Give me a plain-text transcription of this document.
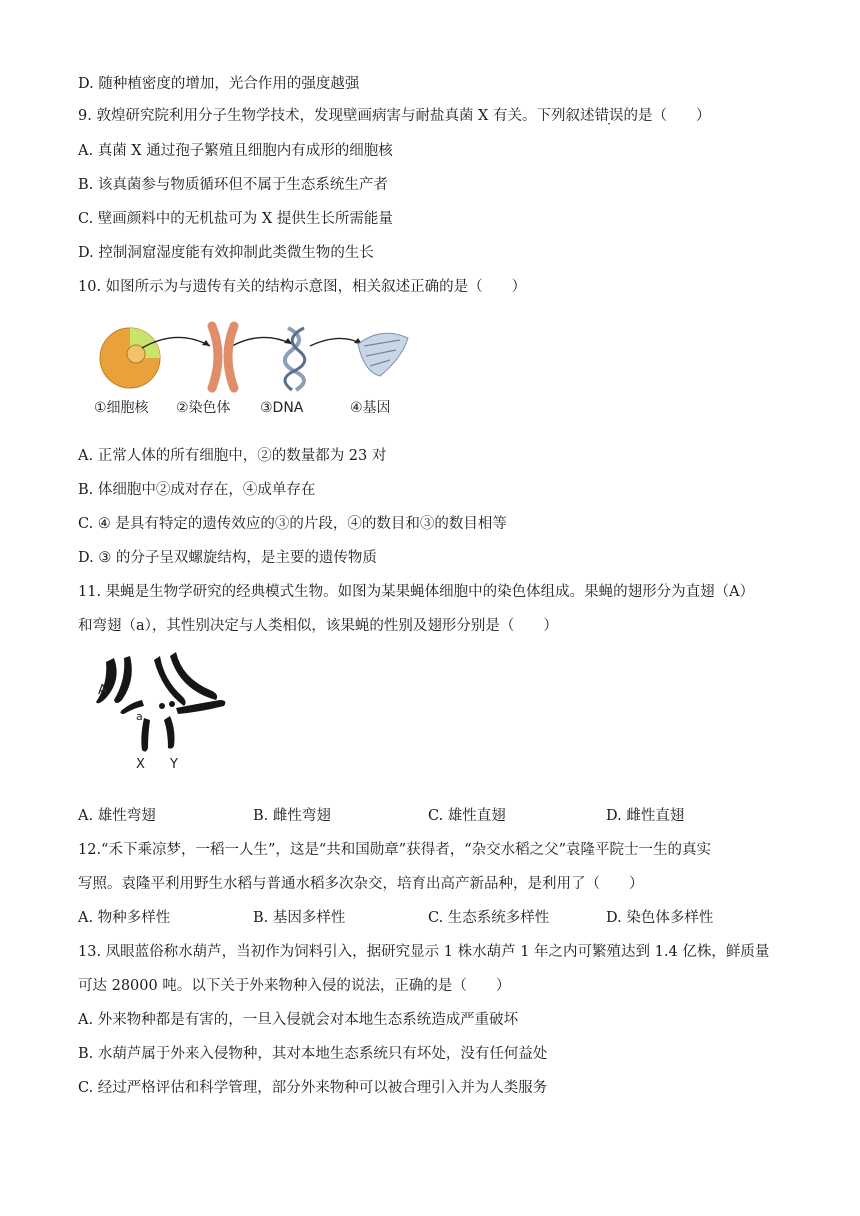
D. 随种植密度的增加，光合作用的强度越强
9. 敦煌研究院利用分子生物学技术，发现壁画病害与耐盐真菌 X 有关。下列叙述错误的是（　　）
A. 真菌 X 通过孢子繁殖且细胞内有成形的细胞核
B. 该真菌参与物质循环但不属于生态系统生产者
C. 壁画颜料中的无机盐可为 X 提供生长所需能量
D. 控制洞窟湿度能有效抑制此类微生物的生长
10. 如图所示为与遗传有关的结构示意图，相关叙述正确的是（　　）
①细胞核 ②染色体 ③DNA	④基因
A. 正常人体的所有细胞中，②的数量都为 23 对
B. 体细胞中②成对存在，④成单存在
C. ④ 是具有特定的遗传效应的③的片段，④的数目和③的数目相等
D. ③ 的分子呈双螺旋结构，是主要的遗传物质
11. 果蝇是生物学研究的经典模式生物。如图为某果蝇体细胞中的染色体组成。果蝇的翅形分为直翅（A）
和弯翅（a），其性别决定与人类相似，该果蝇的性别及翅形分别是（　　）
A
a
X Y
A. 雄性弯翅	B. 雌性弯翅	C. 雄性直翅	D. 雌性直翅
12.“禾下乘凉梦，一稻一人生”，这是“共和国勋章”获得者，“杂交水稻之父”袁隆平院士一生的真实
写照。袁隆平利用野生水稻与普通水稻多次杂交，培育出高产新品种，是利用了（　　）
A. 物种多样性	B. 基因多样性	C. 生态系统多样性	D. 染色体多样性
13. 凤眼蓝俗称水葫芦，当初作为饲料引入，据研究显示 1 株水葫芦 1 年之内可繁殖达到 1.4 亿株，鲜质量
可达 28000 吨。以下关于外来物种入侵的说法，正确的是（　　）
A. 外来物种都是有害的，一旦入侵就会对本地生态系统造成严重破坏
B. 水葫芦属于外来入侵物种，其对本地生态系统只有坏处，没有任何益处
C. 经过严格评估和科学管理，部分外来物种可以被合理引入并为人类服务
